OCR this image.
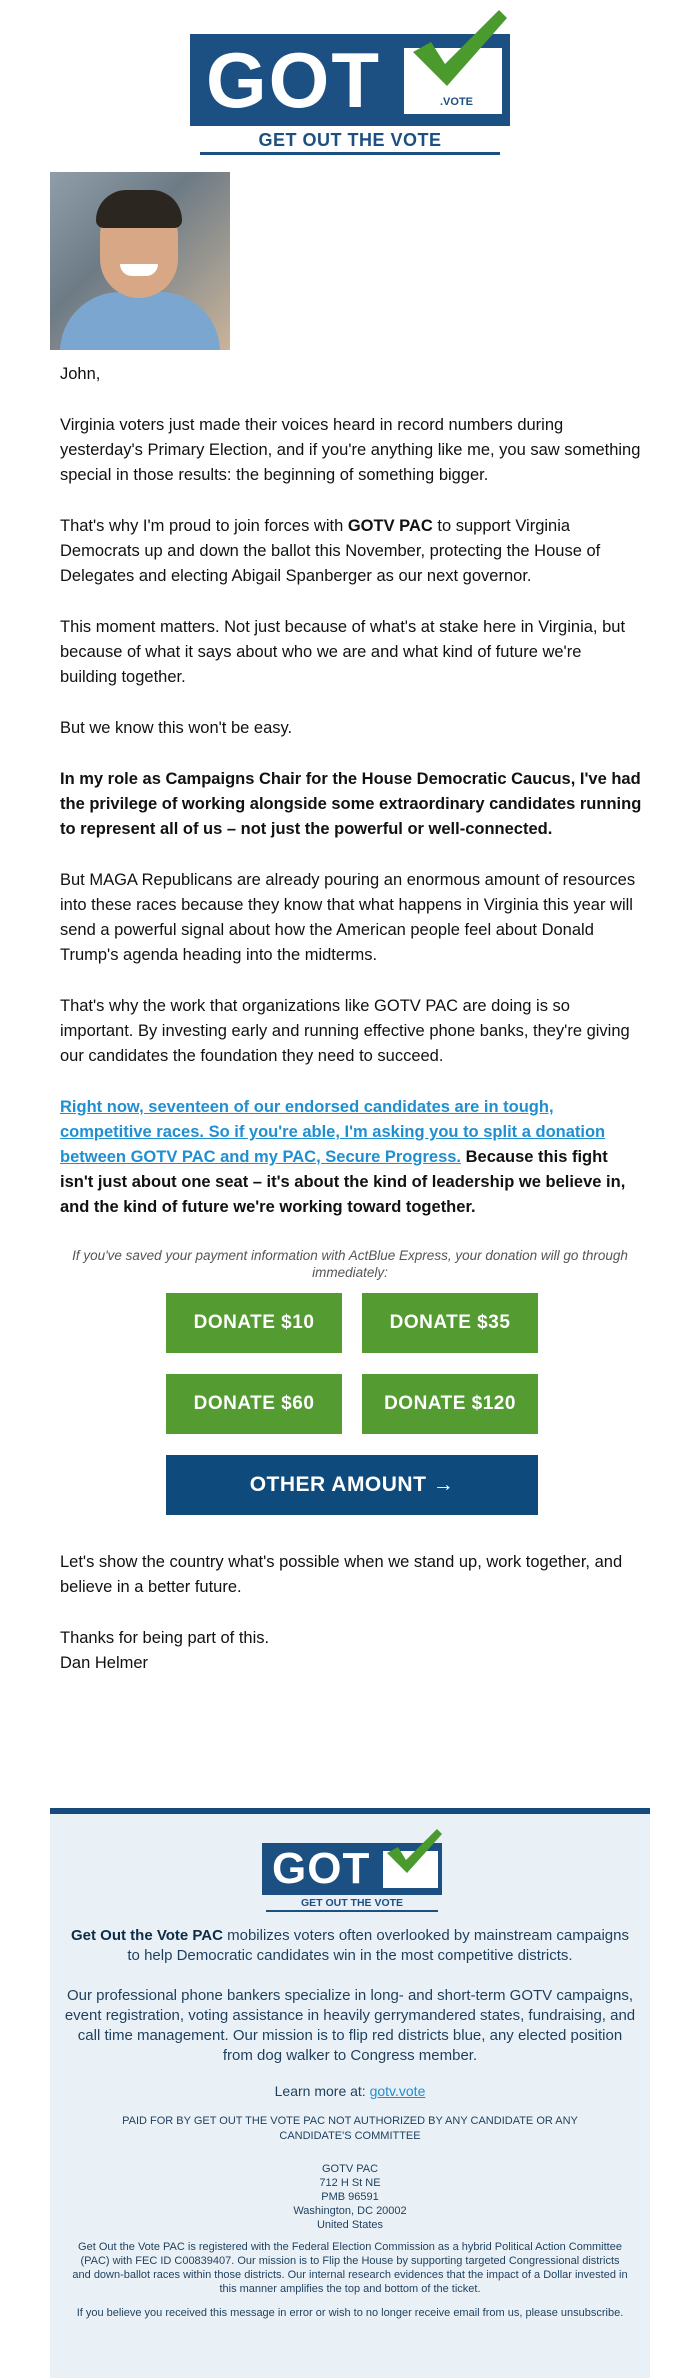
GOT	.VOTE
GET OUT THE VOTE

John,

Virginia voters just made their voices heard in record numbers during yesterday's Primary Election, and if you're anything like me, you saw something special in those results: the beginning of something bigger.

That's why I'm proud to join forces with GOTV PAC to support Virginia Democrats up and down the ballot this November, protecting the House of Delegates and electing Abigail Spanberger as our next governor.

This moment matters. Not just because of what's at stake here in Virginia, but because of what it says about who we are and what kind of future we're building together.

But we know this won't be easy.

In my role as Campaigns Chair for the House Democratic Caucus, I've had the privilege of working alongside some extraordinary candidates running to represent all of us – not just the powerful or well-connected.

But MAGA Republicans are already pouring an enormous amount of resources into these races because they know that what happens in Virginia this year will send a powerful signal about how the American people feel about Donald Trump's agenda heading into the midterms.

That's why the work that organizations like GOTV PAC are doing is so important. By investing early and running effective phone banks, they're giving our candidates the foundation they need to succeed.

Right now, seventeen of our endorsed candidates are in tough, competitive races. So if you're able, I'm asking you to split a donation between GOTV PAC and my PAC, Secure Progress. Because this fight isn't just about one seat – it's about the kind of leadership we believe in, and the kind of future we're working toward together.

If you've saved your payment information with ActBlue Express, your donation will go through immediately:
DONATE $10	DONATE $35
DONATE $60	DONATE $120
OTHER AMOUNT →

Let's show the country what's possible when we stand up, work together, and believe in a better future.

Thanks for being part of this.
Dan Helmer
GOT
GET OUT THE VOTE
Get Out the Vote PAC mobilizes voters often overlooked by mainstream campaigns to help Democratic candidates win in the most competitive districts.
Our professional phone bankers specialize in long- and short-term GOTV campaigns, event registration, voting assistance in heavily gerrymandered states, fundraising, and call time management. Our mission is to flip red districts blue, any elected position from dog walker to Congress member.
Learn more at: gotv.vote
PAID FOR BY GET OUT THE VOTE PAC NOT AUTHORIZED BY ANY CANDIDATE OR ANY CANDIDATE'S COMMITTEE
GOTV PAC
712 H St NE
PMB 96591
Washington, DC 20002
United States
Get Out the Vote PAC is registered with the Federal Election Commission as a hybrid Political Action Committee (PAC) with FEC ID C00839407. Our mission is to Flip the House by supporting targeted Congressional districts and down-ballot races within those districts. Our internal research evidences that the impact of a Dollar invested in this manner amplifies the top and bottom of the ticket.
If you believe you received this message in error or wish to no longer receive email from us, please unsubscribe.
